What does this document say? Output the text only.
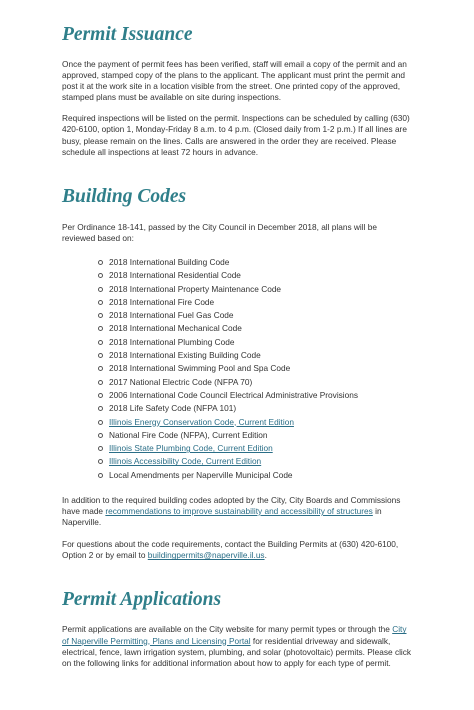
Permit Issuance

Once the payment of permit fees has been verified, staff will email a copy of the permit and an approved, stamped copy of the plans to the applicant. The applicant must print the permit and post it at the work site in a location visible from the street. One printed copy of the approved, stamped plans must be available on site during inspections.

Required inspections will be listed on the permit. Inspections can be scheduled by calling (630) 420-6100, option 1, Monday-Friday 8 a.m. to 4 p.m. (Closed daily from 1-2 p.m.) If all lines are busy, please remain on the lines. Calls are answered in the order they are received. Please schedule all inspections at least 72 hours in advance.

Building Codes

Per Ordinance 18-141, passed by the City Council in December 2018, all plans will be reviewed based on:

2018 International Building Code
2018 International Residential Code
2018 International Property Maintenance Code
2018 International Fire Code
2018 International Fuel Gas Code
2018 International Mechanical Code
2018 International Plumbing Code
2018 International Existing Building Code
2018 International Swimming Pool and Spa Code
2017 National Electric Code (NFPA 70)
2006 International Code Council Electrical Administrative Provisions
2018 Life Safety Code (NFPA 101)
Illinois Energy Conservation Code, Current Edition
National Fire Code (NFPA), Current Edition
Illinois State Plumbing Code, Current Edition
Illinois Accessibility Code, Current Edition
Local Amendments per Naperville Municipal Code

In addition to the required building codes adopted by the City, City Boards and Commissions have made recommendations to improve sustainability and accessibility of structures in Naperville.

For questions about the code requirements, contact the Building Permits at (630) 420-6100, Option 2 or by email to buildingpermits@naperville.il.us.

Permit Applications

Permit applications are available on the City website for many permit types or through the City of Naperville Permitting, Plans and Licensing Portal for residential driveway and sidewalk, electrical, fence, lawn irrigation system, plumbing, and solar (photovoltaic) permits. Please click on the following links for additional information about how to apply for each type of permit.
